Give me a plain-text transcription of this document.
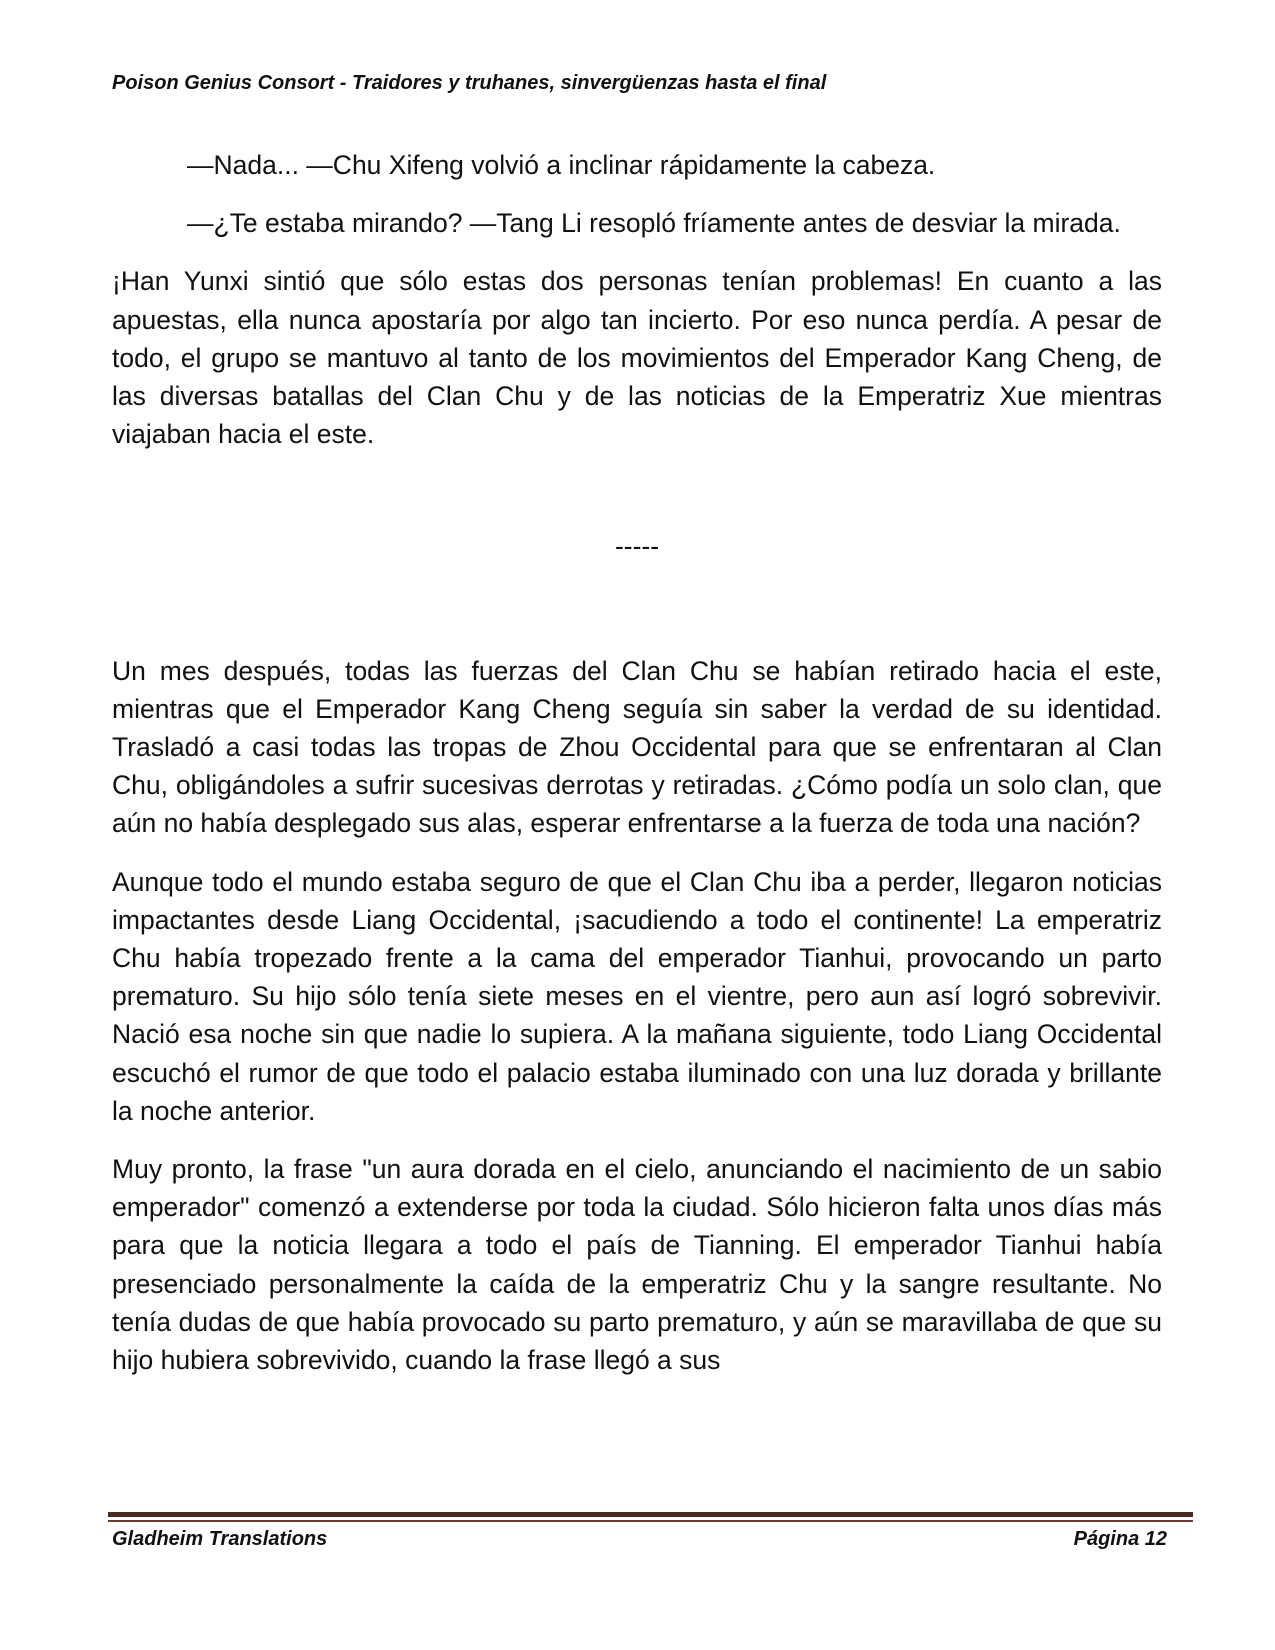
Poison Genius Consort - Traidores y truhanes, sinvergüenzas hasta el final

—Nada... —Chu Xifeng volvió a inclinar rápidamente la cabeza.

—¿Te estaba mirando? —Tang Li resopló fríamente antes de desviar la mirada.

¡Han Yunxi sintió que sólo estas dos personas tenían problemas! En cuanto a las apuestas, ella nunca apostaría por algo tan incierto. Por eso nunca perdía. A pesar de todo, el grupo se mantuvo al tanto de los movimientos del Emperador Kang Cheng, de las diversas batallas del Clan Chu y de las noticias de la Emperatriz Xue mientras viajaban hacia el este.

-----

Un mes después, todas las fuerzas del Clan Chu se habían retirado hacia el este, mientras que el Emperador Kang Cheng seguía sin saber la verdad de su identidad. Trasladó a casi todas las tropas de Zhou Occidental para que se enfrentaran al Clan Chu, obligándoles a sufrir sucesivas derrotas y retiradas. ¿Cómo podía un solo clan, que aún no había desplegado sus alas, esperar enfrentarse a la fuerza de toda una nación?

Aunque todo el mundo estaba seguro de que el Clan Chu iba a perder, llegaron noticias impactantes desde Liang Occidental, ¡sacudiendo a todo el continente! La emperatriz Chu había tropezado frente a la cama del emperador Tianhui, provocando un parto prematuro. Su hijo sólo tenía siete meses en el vientre, pero aun así logró sobrevivir. Nació esa noche sin que nadie lo supiera. A la mañana siguiente, todo Liang Occidental escuchó el rumor de que todo el palacio estaba iluminado con una luz dorada y brillante la noche anterior.

Muy pronto, la frase "un aura dorada en el cielo, anunciando el nacimiento de un sabio emperador" comenzó a extenderse por toda la ciudad. Sólo hicieron falta unos días más para que la noticia llegara a todo el país de Tianning. El emperador Tianhui había presenciado personalmente la caída de la emperatriz Chu y la sangre resultante. No tenía dudas de que había provocado su parto prematuro, y aún se maravillaba de que su hijo hubiera sobrevivido, cuando la frase llegó a sus

Gladheim Translations	Página 12
